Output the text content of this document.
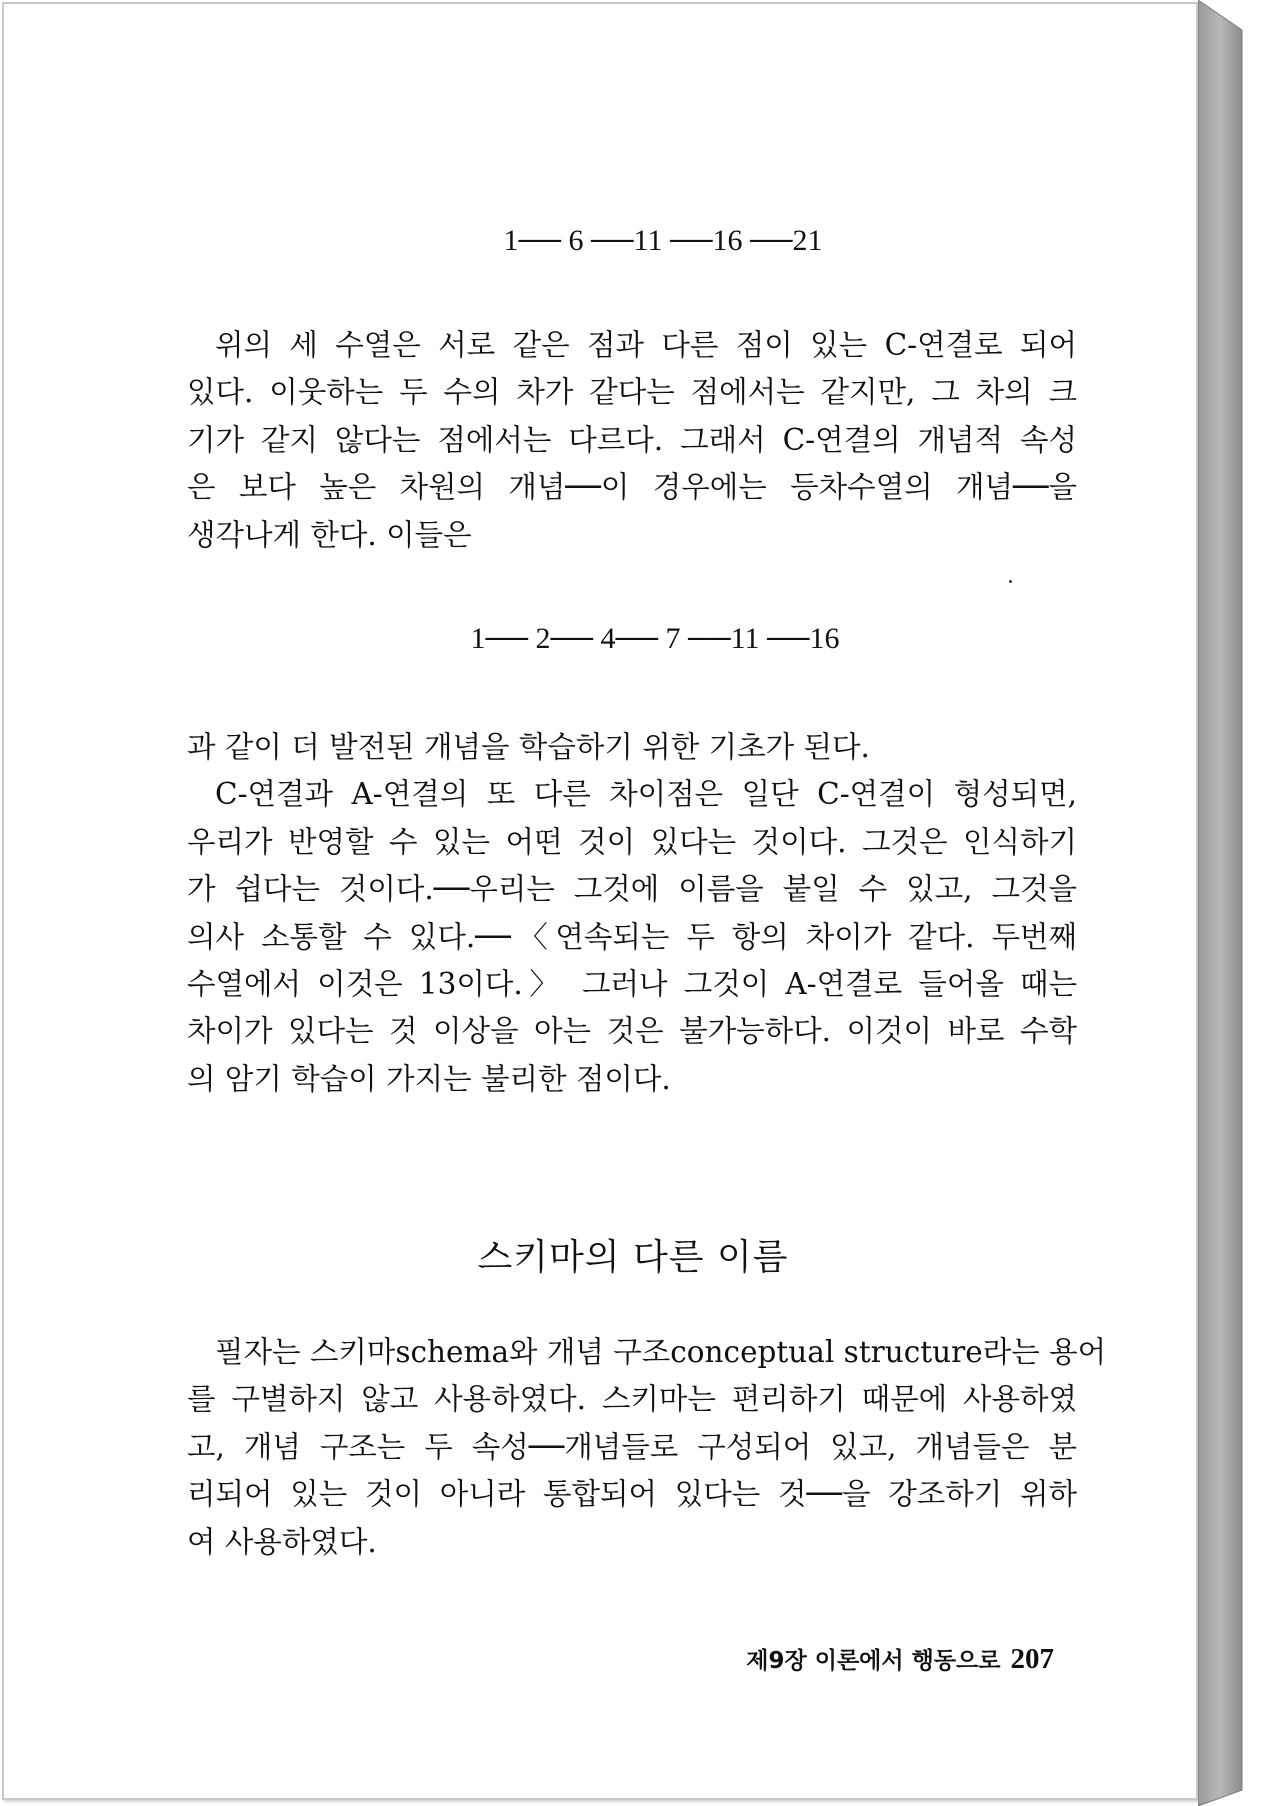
1── 6 ──11 ──16 ──21
위의 세 수열은 서로 같은 점과 다른 점이 있는 C-연결로 되어
있다. 이웃하는 두 수의 차가 같다는 점에서는 같지만, 그 차의 크
기가 같지 않다는 점에서는 다르다. 그래서 C-연결의 개념적 속성
은 보다 높은 차원의 개념──이 경우에는 등차수열의 개념──을
생각나게 한다. 이들은
1── 2── 4── 7 ──11 ──16
과 같이 더 발전된 개념을 학습하기 위한 기초가 된다.
C-연결과 A-연결의 또 다른 차이점은 일단 C-연결이 형성되면,
우리가 반영할 수 있는 어떤 것이 있다는 것이다. 그것은 인식하기
가 쉽다는 것이다.──우리는 그것에 이름을 붙일 수 있고, 그것을
의사 소통할 수 있다.──〈연속되는 두 항의 차이가 같다. 두번째
수열에서 이것은 13이다.〉 그러나 그것이 A-연결로 들어올 때는
차이가 있다는 것 이상을 아는 것은 불가능하다. 이것이 바로 수학
의 암기 학습이 가지는 불리한 점이다.
스키마의 다른 이름
필자는 스키마schema와 개념 구조conceptual structure라는 용어
를 구별하지 않고 사용하였다. 스키마는 편리하기 때문에 사용하였
고, 개념 구조는 두 속성──개념들로 구성되어 있고, 개념들은 분
리되어 있는 것이 아니라 통합되어 있다는 것──을 강조하기 위하
여 사용하였다.
제9장 이론에서 행동으로 207
